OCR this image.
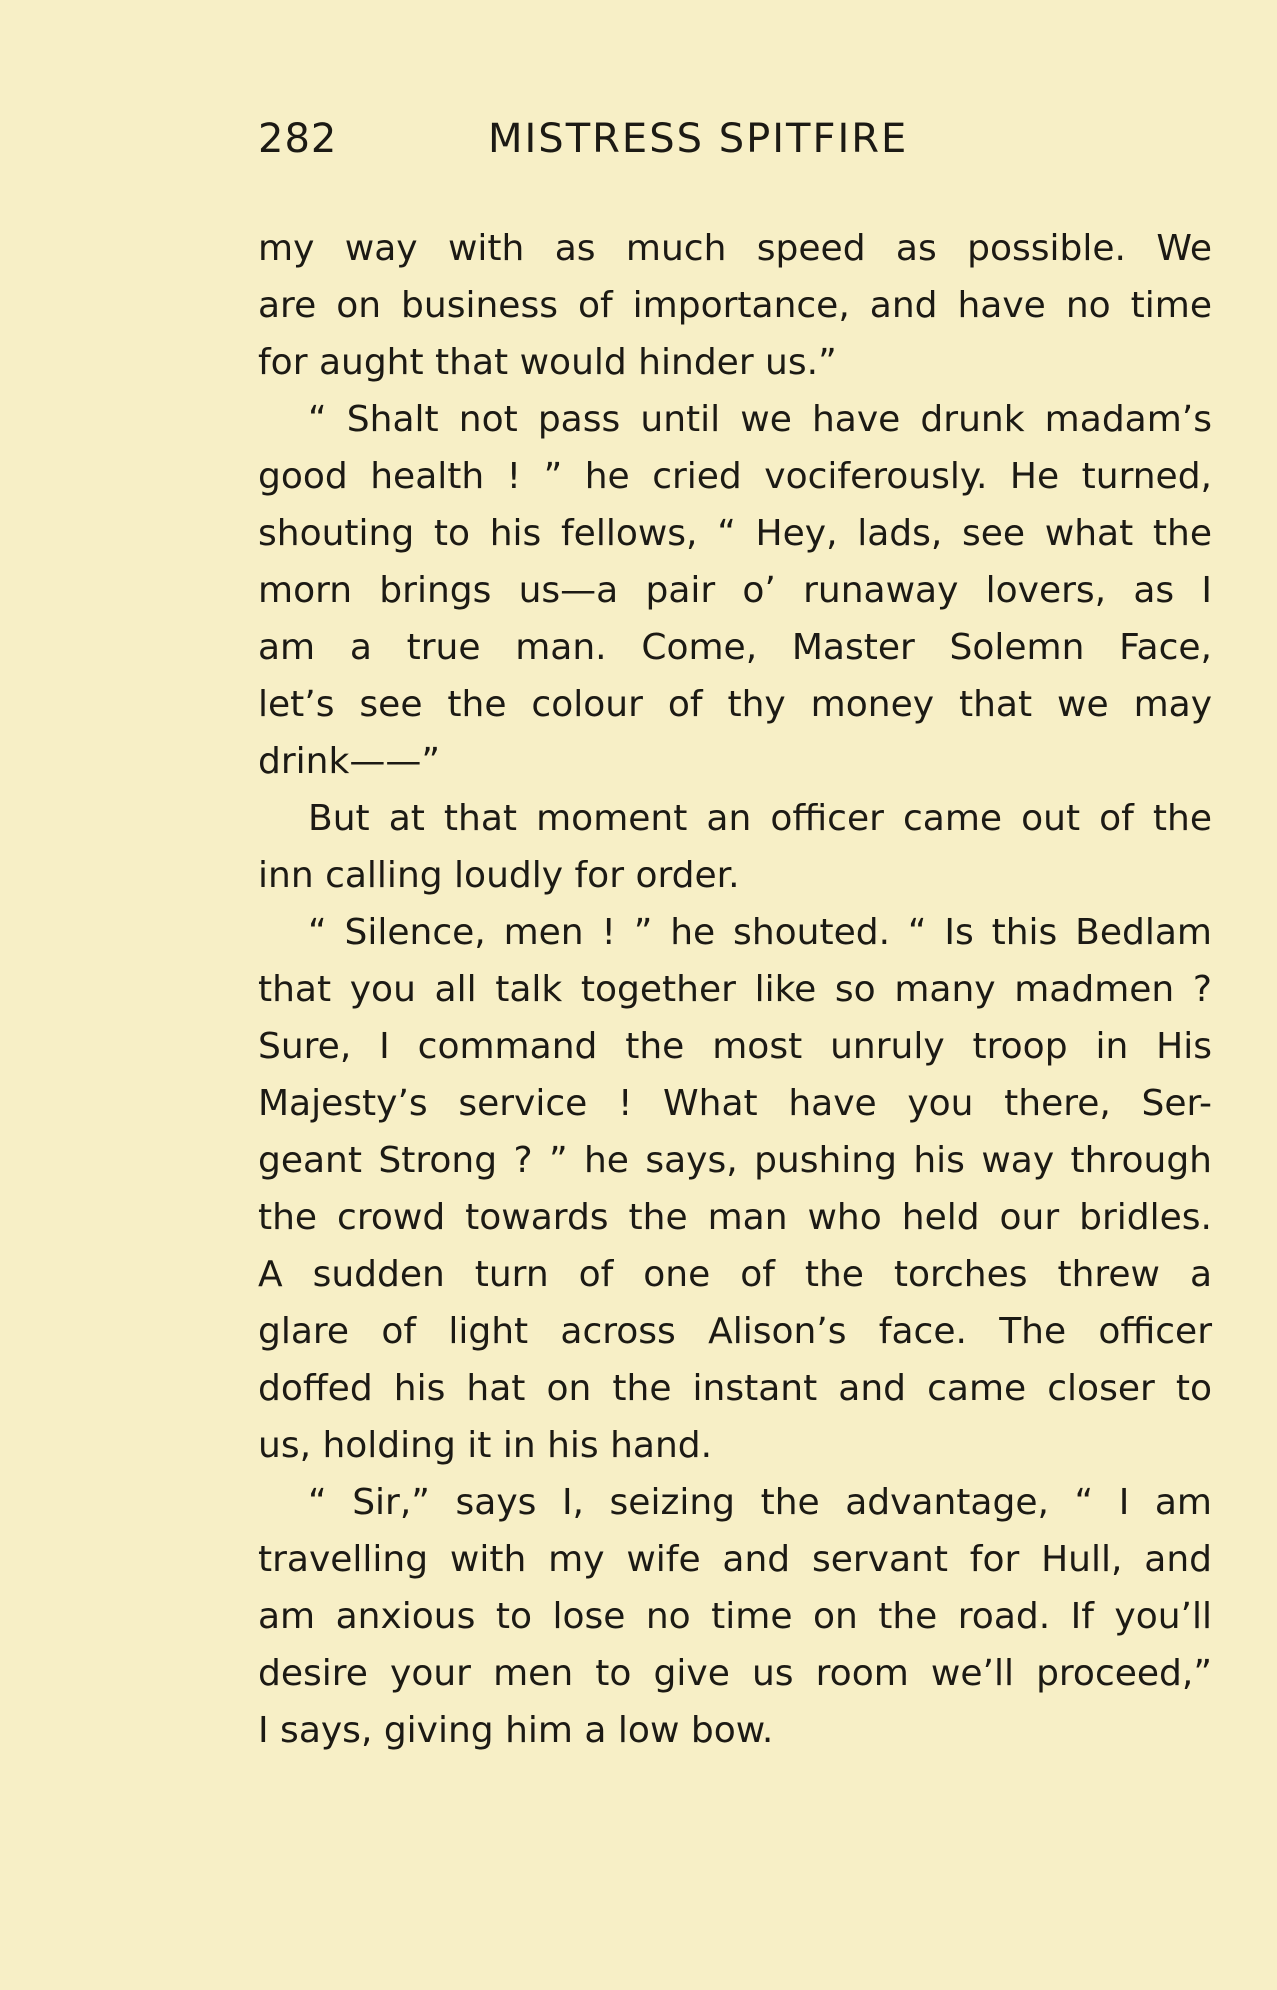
282	MISTRESS SPITFIRE
my way with as much speed as possible. We
are on business of importance, and have no time
for aught that would hinder us.”
“ Shalt not pass until we have drunk madam’s
good health ! ” he cried vociferously. He turned,
shouting to his fellows, “ Hey, lads, see what the
morn brings us—a pair o’ runaway lovers, as I
am a true man. Come, Master Solemn Face,
let’s see the colour of thy money that we may
drink——”
But at that moment an officer came out of the
inn calling loudly for order.
“ Silence, men ! ” he shouted. “ Is this Bedlam
that you all talk together like so many madmen ?
Sure, I command the most unruly troop in His
Majesty’s service ! What have you there, Ser-
geant Strong ? ” he says, pushing his way through
the crowd towards the man who held our bridles.
A sudden turn of one of the torches threw a
glare of light across Alison’s face. The officer
doffed his hat on the instant and came closer to
us, holding it in his hand.
“ Sir,” says I, seizing the advantage, “ I am
travelling with my wife and servant for Hull, and
am anxious to lose no time on the road. If you’ll
desire your men to give us room we’ll proceed,”
I says, giving him a low bow.
